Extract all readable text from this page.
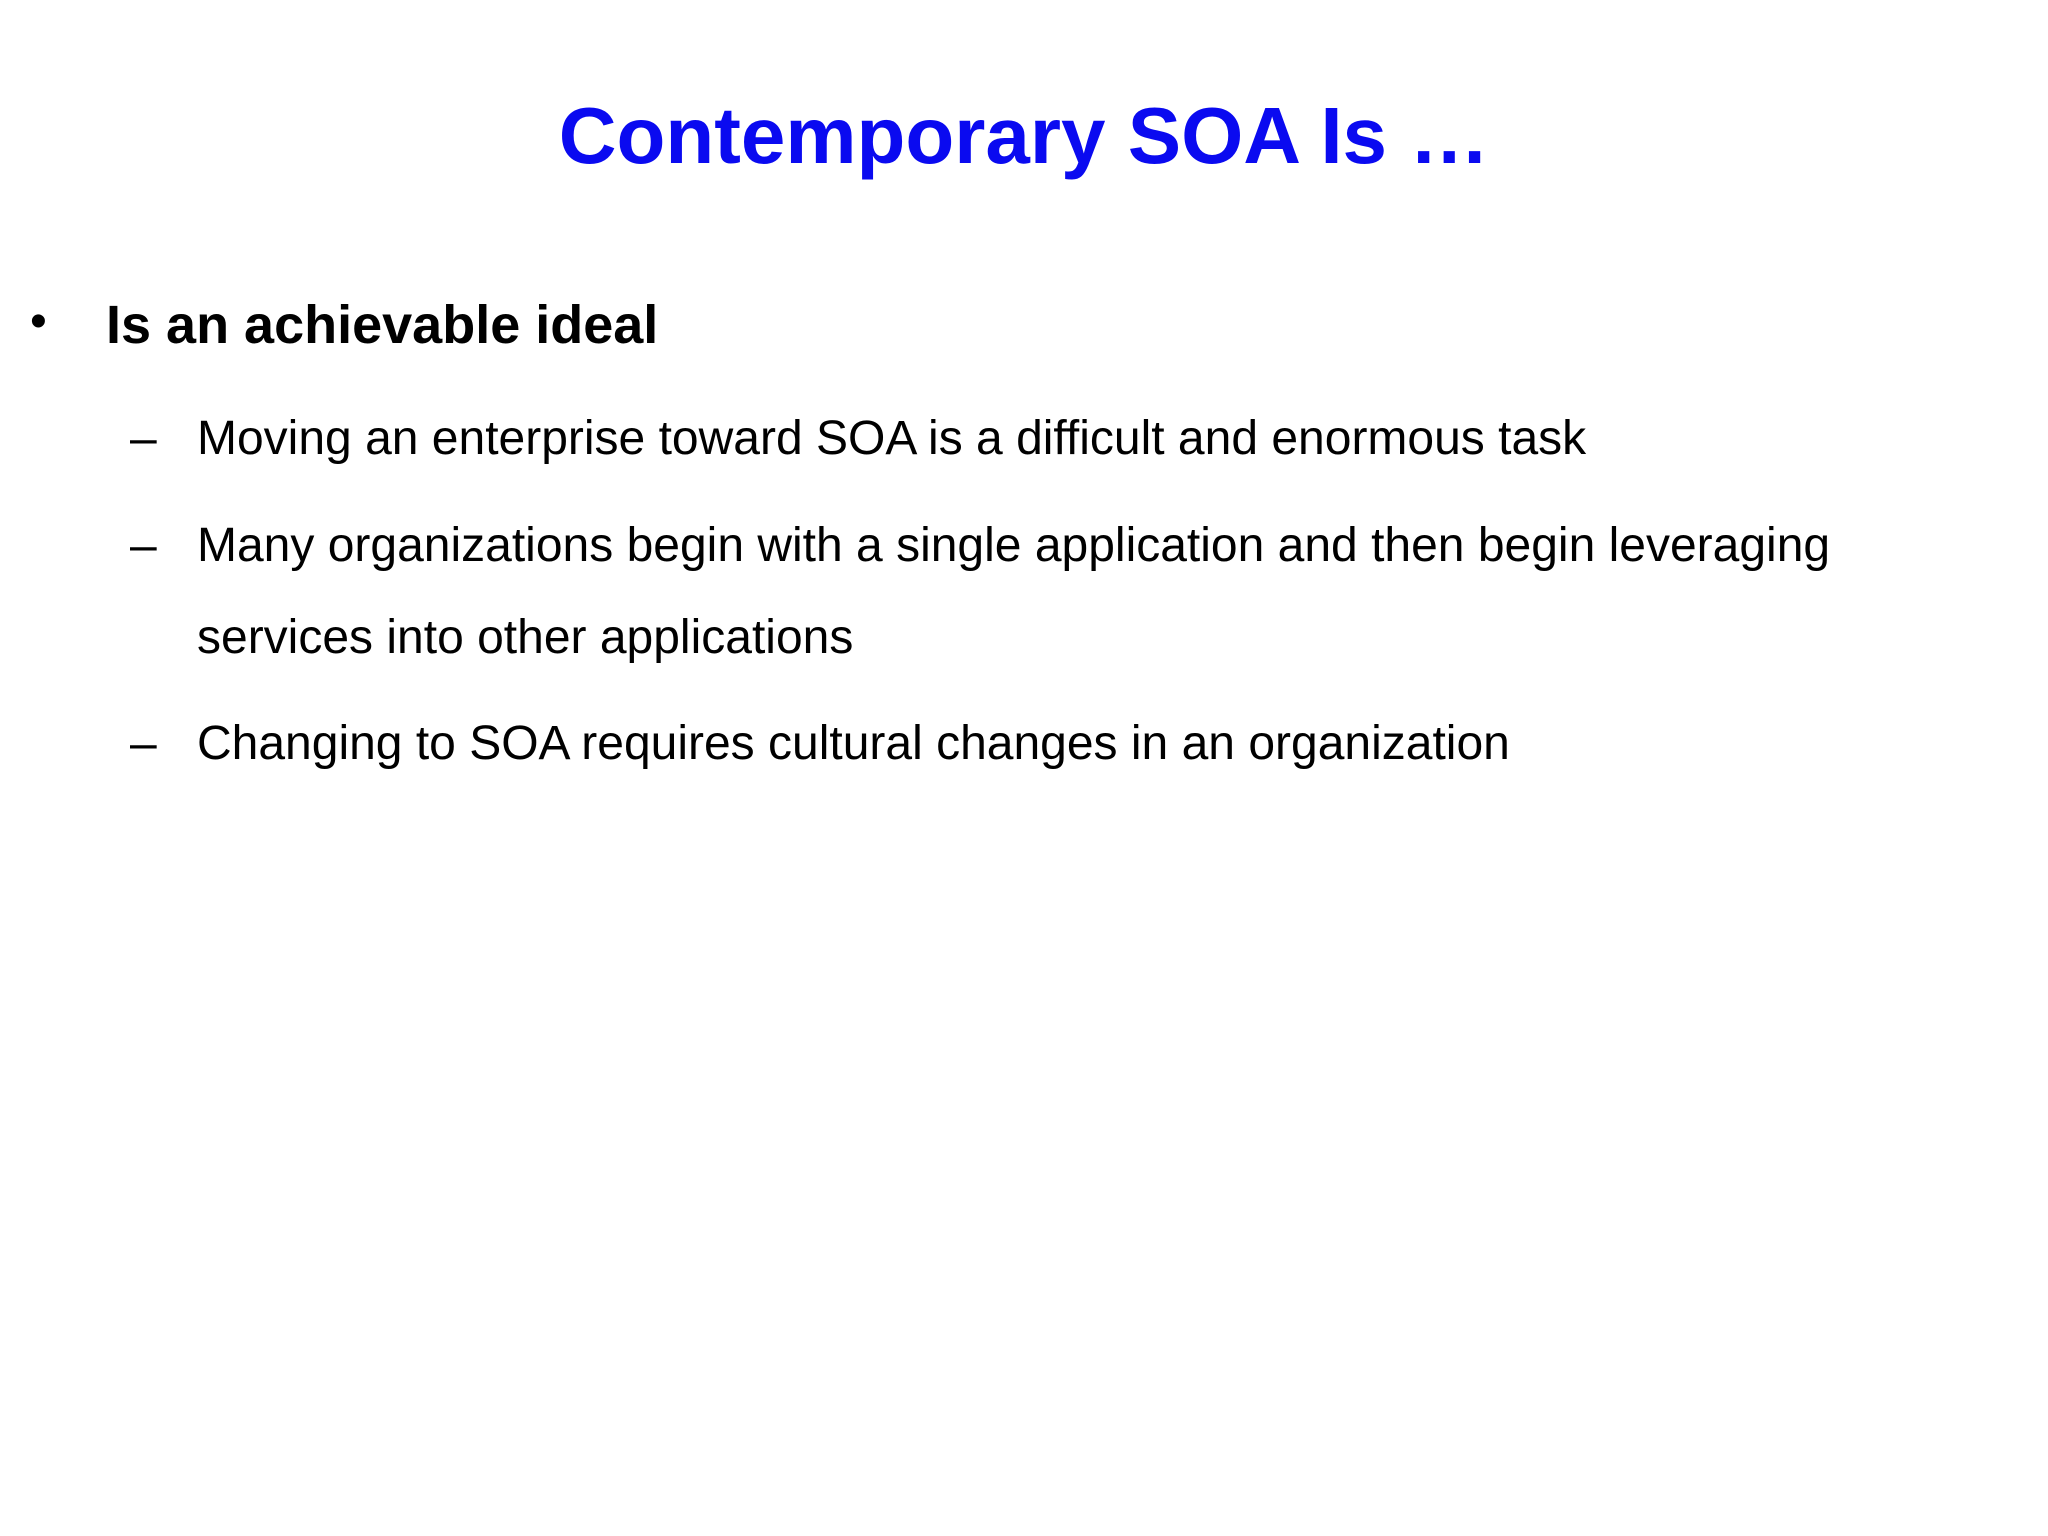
Contemporary SOA Is …
• Is an achievable ideal
– Moving an enterprise toward SOA is a difficult and enormous task
– Many organizations begin with a single application and then begin leveraging services into other applications
– Changing to SOA requires cultural changes in an organization
